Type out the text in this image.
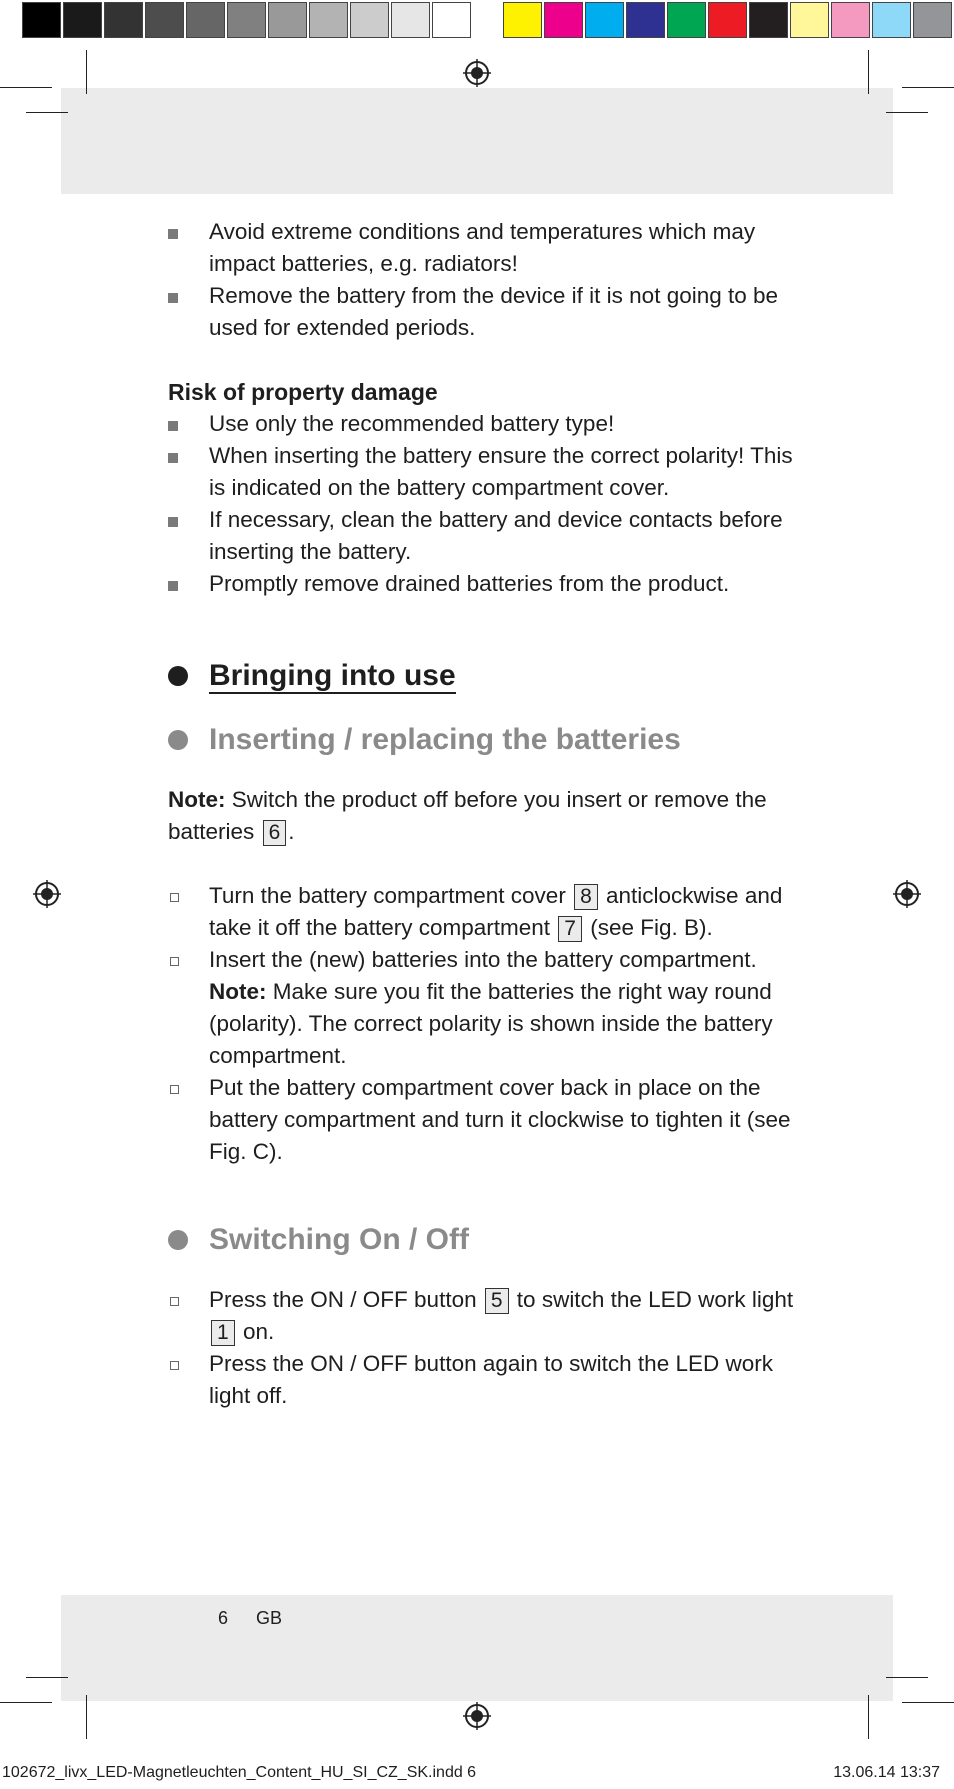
Avoid extreme conditions and temperatures which may impact batteries, e.g. radiators!
Remove the battery from the device if it is not going to be used for extended periods.
Risk of property damage
Use only the recommended battery type!
When inserting the battery ensure the correct polarity! This is indicated on the battery compartment cover.
If necessary, clean the battery and device contacts before inserting the battery.
Promptly remove drained batteries from the product.
Bringing into use
Inserting / replacing the batteries
Note: Switch the product off before you insert or remove the batteries 6 .
Turn the battery compartment cover 8 anticlockwise and take it off the battery compartment 7 (see Fig. B).
Insert the (new) batteries into the battery compartment. Note: Make sure you fit the batteries the right way round (polarity). The correct polarity is shown inside the battery compartment.
Put the battery compartment cover back in place on the battery compartment and turn it clockwise to tighten it (see Fig. C).
Switching On / Off
Press the ON / OFF button 5 to switch the LED work light 1 on.
Press the ON / OFF button again to switch the LED work light off.
6 GB
102672_livx_LED-Magnetleuchten_Content_HU_SI_CZ_SK.indd 6	13.06.14 13:37
